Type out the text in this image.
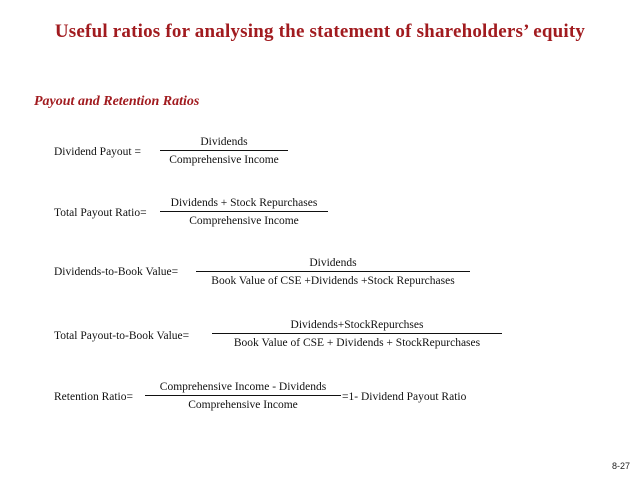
Useful ratios for analysing the statement of shareholders’ equity
Payout and Retention Ratios
Dividend Payout =
Dividends
Comprehensive Income
Total Payout Ratio=
Dividends + Stock Repurchases
Comprehensive Income
Dividends-to-Book Value=
Dividends
Book Value of CSE +Dividends +Stock Repurchases
Total Payout-to-Book Value=
Dividends+StockRepurchses
Book Value of CSE + Dividends + StockRepurchases
Retention Ratio=
Comprehensive Income - Dividends
Comprehensive Income
=1- Dividend Payout Ratio
8-27
